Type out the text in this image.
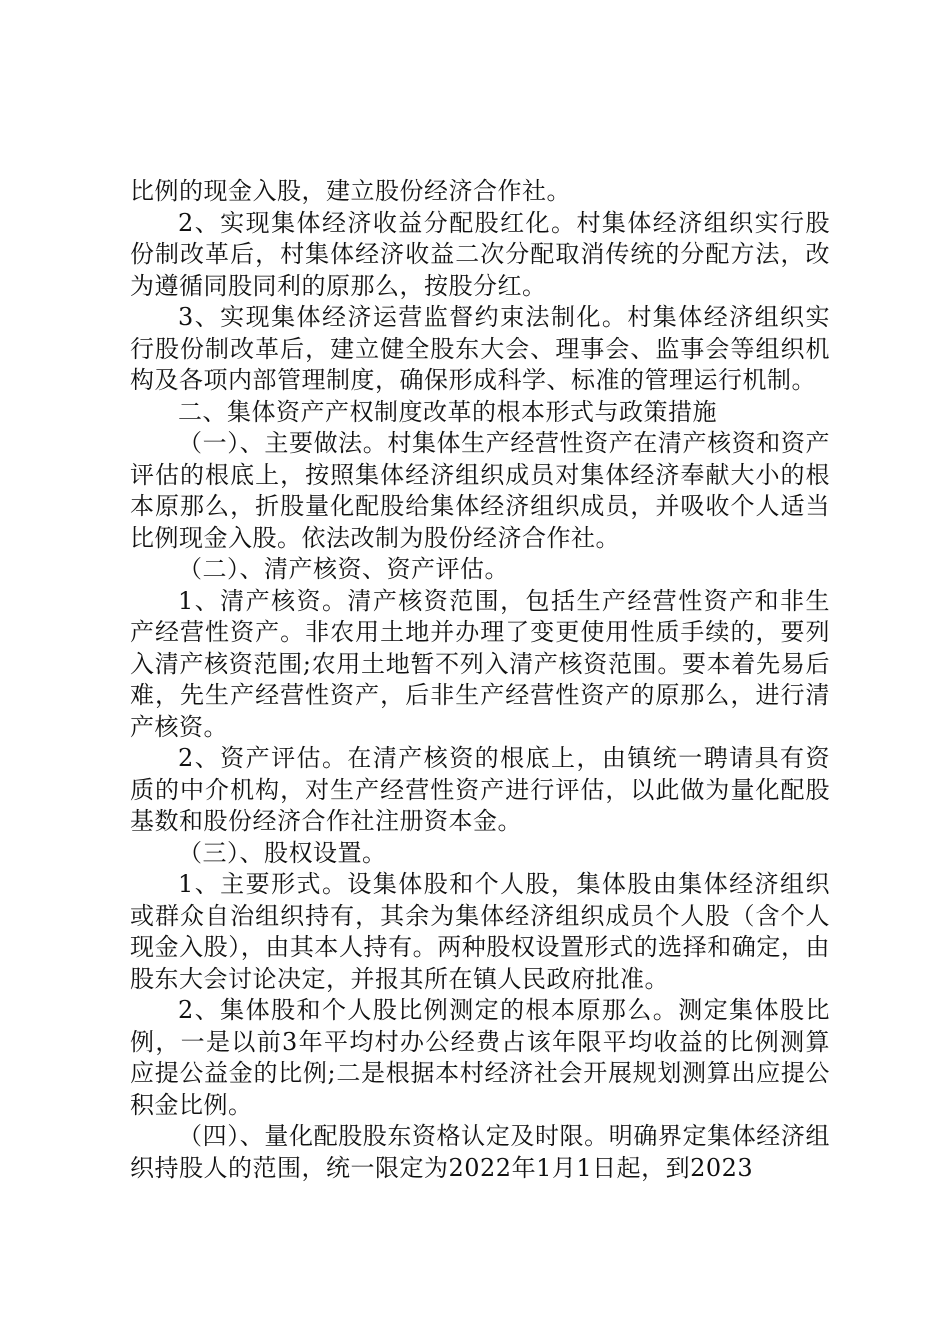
比例的现金入股，建立股份经济合作社。

2、实现集体经济收益分配股红化。村集体经济组织实行股份制改革后，村集体经济收益二次分配取消传统的分配方法，改为遵循同股同利的原那么，按股分红。

3、实现集体经济运营监督约束法制化。村集体经济组织实行股份制改革后，建立健全股东大会、理事会、监事会等组织机构及各项内部管理制度，确保形成科学、标准的管理运行机制。

二、集体资产产权制度改革的根本形式与政策措施

（一）、主要做法。村集体生产经营性资产在清产核资和资产评估的根底上，按照集体经济组织成员对集体经济奉献大小的根本原那么，折股量化配股给集体经济组织成员，并吸收个人适当比例现金入股。依法改制为股份经济合作社。

（二）、清产核资、资产评估。

1、清产核资。清产核资范围，包括生产经营性资产和非生产经营性资产。非农用土地并办理了变更使用性质手续的，要列入清产核资范围;农用土地暂不列入清产核资范围。要本着先易后难，先生产经营性资产，后非生产经营性资产的原那么，进行清产核资。

2、资产评估。在清产核资的根底上，由镇统一聘请具有资质的中介机构，对生产经营性资产进行评估，以此做为量化配股基数和股份经济合作社注册资本金。

（三）、股权设置。

1、主要形式。设集体股和个人股，集体股由集体经济组织或群众自治组织持有，其余为集体经济组织成员个人股（含个人现金入股），由其本人持有。两种股权设置形式的选择和确定，由股东大会讨论决定，并报其所在镇人民政府批准。

2、集体股和个人股比例测定的根本原那么。测定集体股比例，一是以前3年平均村办公经费占该年限平均收益的比例测算应提公益金的比例;二是根据本村经济社会开展规划测算出应提公积金比例。

（四）、量化配股股东资格认定及时限。明确界定集体经济组织持股人的范围，统一限定为2022年1月1日起，到2023
